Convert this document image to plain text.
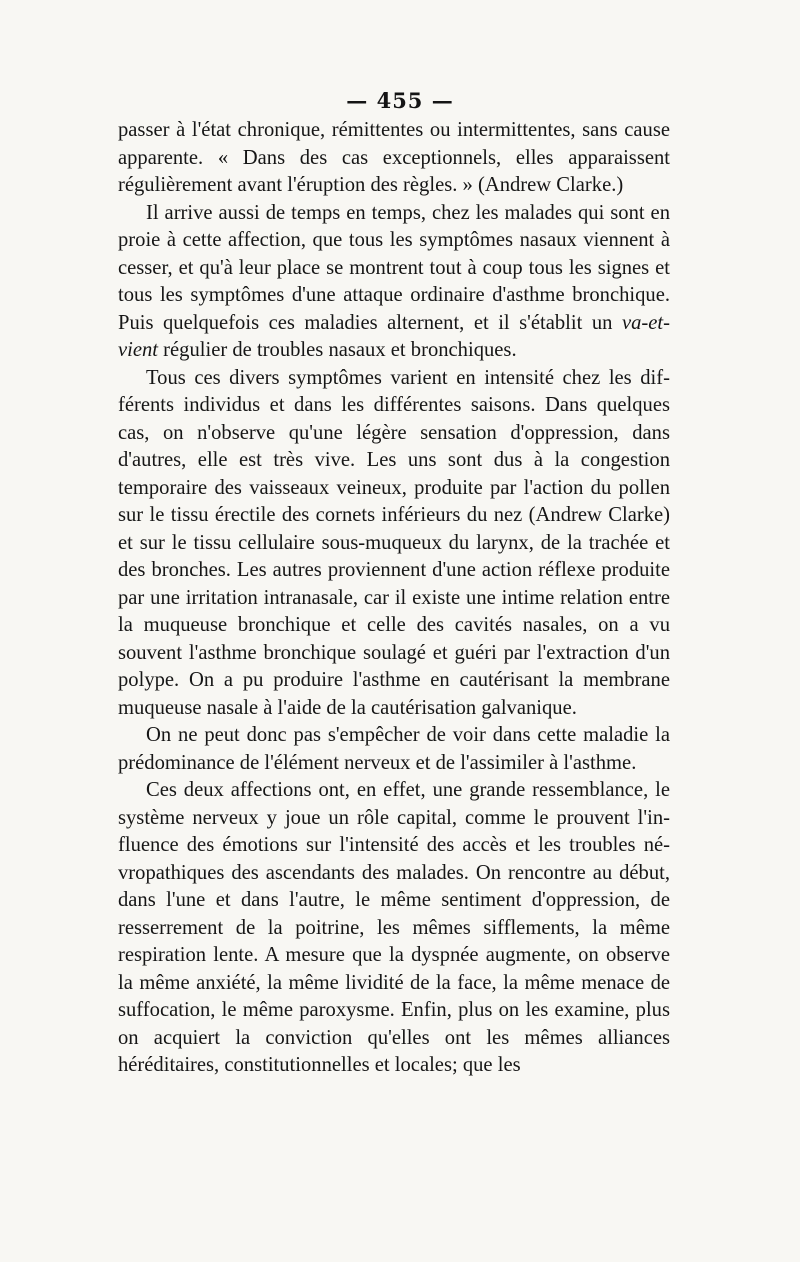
— 455 —

passer à l'état chronique, rémittentes ou intermittentes, sans cause apparente. « Dans des cas exceptionnels, elles apparaissent régulièrement avant l'éruption des règles. » (Andrew Clarke.)

Il arrive aussi de temps en temps, chez les malades qui sont en proie à cette affection, que tous les symptômes nasaux viennent à cesser, et qu'à leur place se montrent tout à coup tous les signes et tous les symptômes d'une attaque ordinaire d'asthme bronchique. Puis quelquefois ces maladies alternent, et il s'établit un va-et-vient régulier de troubles nasaux et bronchiques.

Tous ces divers symptômes varient en intensité chez les différents individus et dans les différentes saisons. Dans quelques cas, on n'observe qu'une légère sensation d'oppression, dans d'autres, elle est très vive. Les uns sont dus à la congestion temporaire des vaisseaux veineux, produite par l'action du pollen sur le tissu érectile des cornets inférieurs du nez (Andrew Clarke) et sur le tissu cellulaire sous-muqueux du larynx, de la trachée et des bronches. Les autres proviennent d'une action réflexe produite par une irritation intranasale, car il existe une intime relation entre la muqueuse bronchique et celle des cavités nasales, on a vu souvent l'asthme bronchique soulagé et guéri par l'extraction d'un polype. On a pu produire l'asthme en cautérisant la membrane muqueuse nasale à l'aide de la cautérisation galvanique.

On ne peut donc pas s'empêcher de voir dans cette maladie la prédominance de l'élément nerveux et de l'assimiler à l'asthme.

Ces deux affections ont, en effet, une grande ressemblance, le système nerveux y joue un rôle capital, comme le prouvent l'influence des émotions sur l'intensité des accès et les troubles névropathiques des ascendants des malades. On rencontre au début, dans l'une et dans l'autre, le même sentiment d'oppression, de resserrement de la poitrine, les mêmes sifflements, la même respiration lente. A mesure que la dyspnée augmente, on observe la même anxiété, la même lividité de la face, la même menace de suffocation, le même paroxysme. Enfin, plus on les examine, plus on acquiert la conviction qu'elles ont les mêmes alliances héréditaires, constitutionnelles et locales; que les
